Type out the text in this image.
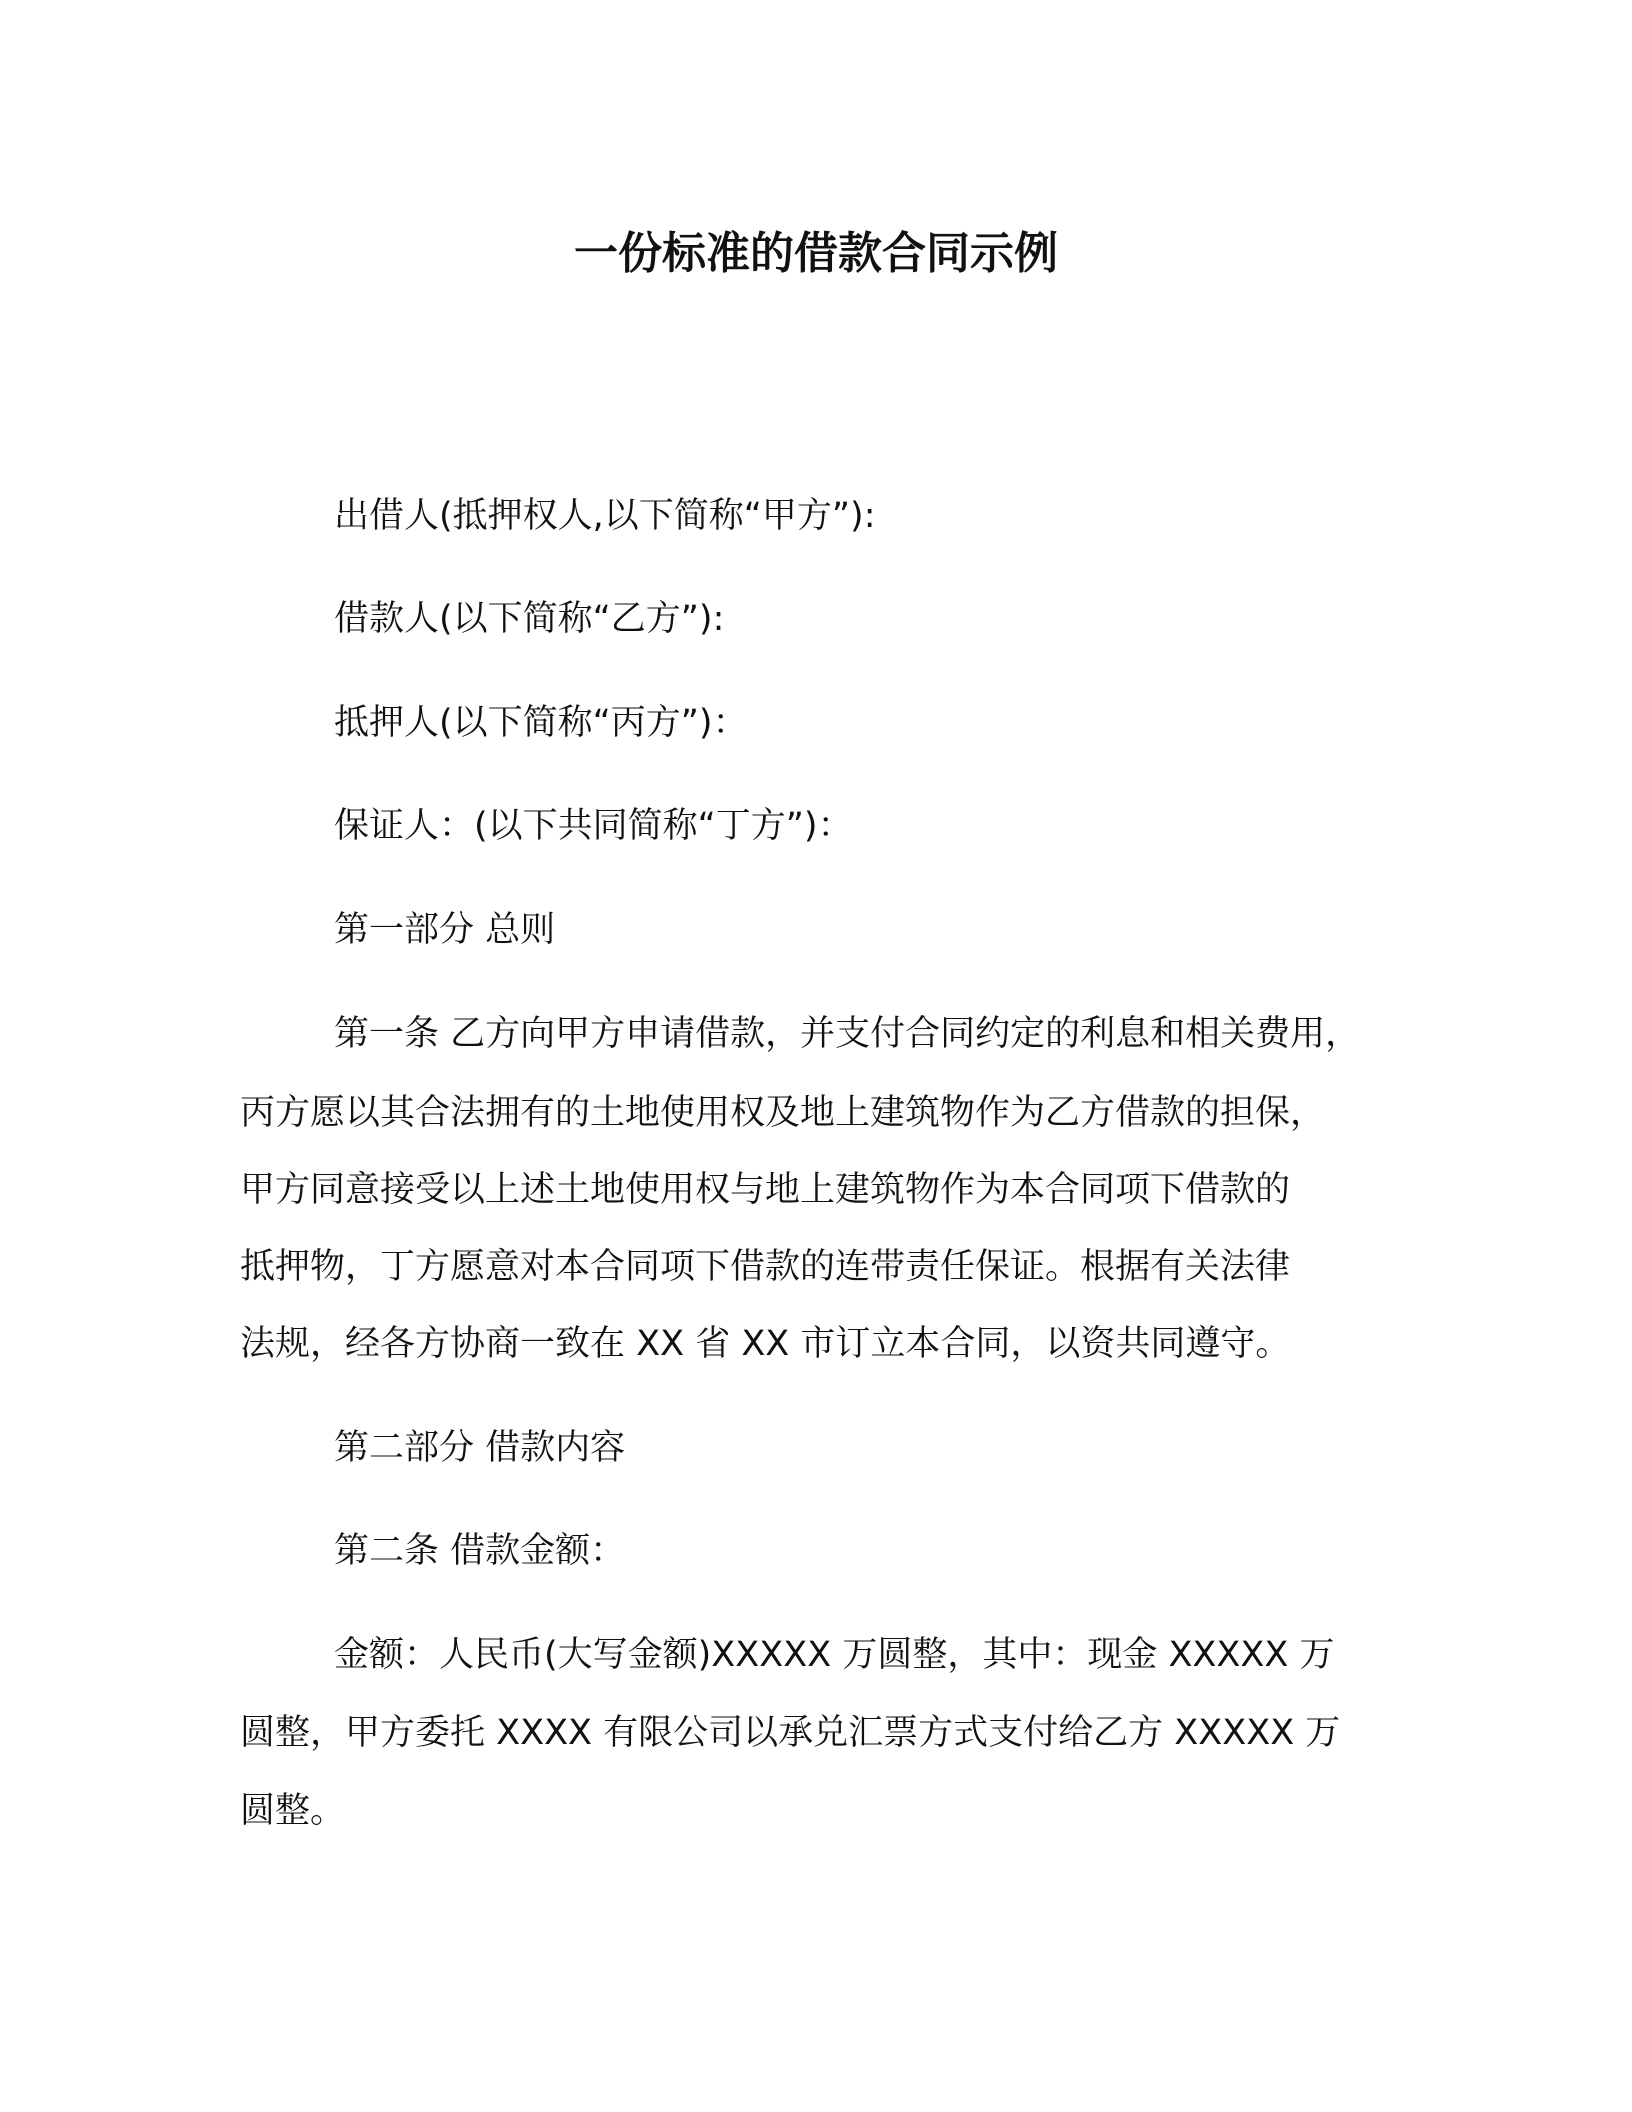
一份标准的借款合同示例
出借人(抵押权人,以下简称“甲方”):
借款人(以下简称“乙方”):
抵押人(以下简称“丙方”)：
保证人：(以下共同简称“丁方”)：
第一部分 总则
第一条 乙方向甲方申请借款，并支付合同约定的利息和相关费用，
丙方愿以其合法拥有的土地使用权及地上建筑物作为乙方借款的担保，
甲方同意接受以上述土地使用权与地上建筑物作为本合同项下借款的
抵押物，丁方愿意对本合同项下借款的连带责任保证。根据有关法律
法规，经各方协商一致在 XX 省 XX 市订立本合同，以资共同遵守。
第二部分 借款内容
第二条 借款金额：
金额：人民币(大写金额)XXXXX 万圆整，其中：现金 XXXXX 万
圆整，甲方委托 XXXX 有限公司以承兑汇票方式支付给乙方 XXXXX 万
圆整。
